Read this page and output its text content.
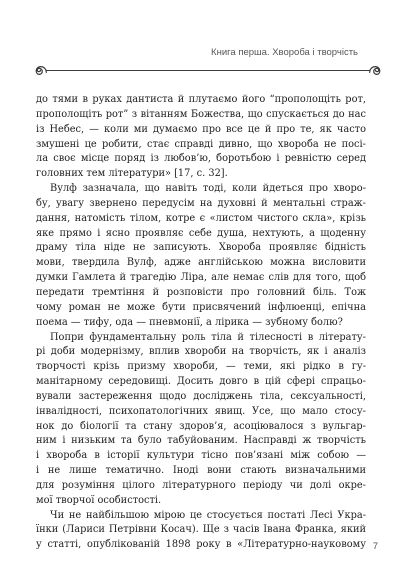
Книга перша. Хвороба і творчість
до тями в руках дантиста й плутаємо його “прополощіть рот,
прополощіть рот” з вітанням Божества, що спускається до нас
із Небес, — коли ми думаємо про все це й про те, як часто
змушені це робити, стає справді дивно, що хвороба не посі-
ла своє місце поряд із любов’ю, боротьбою і ревністю серед
головних тем літератури» [17, с. 32].
Вулф зазначала, що навіть тоді, коли йдеться про хворо-
бу, увагу звернено передусім на духовні й ментальні страж-
дання, натомість тілом, котре є «листом чистого скла», крізь
яке прямо і ясно проявляє себе душа, нехтують, а щоденну
драму тіла ніде не записують. Хвороба проявляє бідність
мови, твердила Вулф, адже англійською можна висловити
думки Гамлета й трагедію Ліра, але немає слів для того, щоб
передати тремтіння й розповісти про головний біль. Тож
чому роман не може бути присвячений інфлюенці, епічна
поема — тифу, ода — пневмонії, а лірика — зубному болю?
Попри фундаментальну роль тіла й тілесності в літерату-
рі доби модернізму, вплив хвороби на творчість, як і аналіз
творчості крізь призму хвороби, — теми, які рідко в гу-
манітарному середовищі. Досить довго в цій сфері спрацьо-
вували застереження щодо досліджень тіла, сексуальності,
інвалідності, психопатологічних явищ. Усе, що мало стосу-
нок до біології та стану здоров’я, асоціювалося з вульгар-
ним і низьким та було табуйованим. Насправді ж творчість
і хвороба в історії культури тісно пов’язані між собою —
і не лише тематично. Іноді вони стають визначальними
для розуміння цілого літературного періоду чи долі окре-
мої творчої особистості.
Чи не найбільшою мірою це стосується постаті Лесі Укра-
їнки (Лариси Петрівни Косач). Ще з часів Івана Франка, який
у статті, опублікованій 1898 року в «Літературно-науковому 7
